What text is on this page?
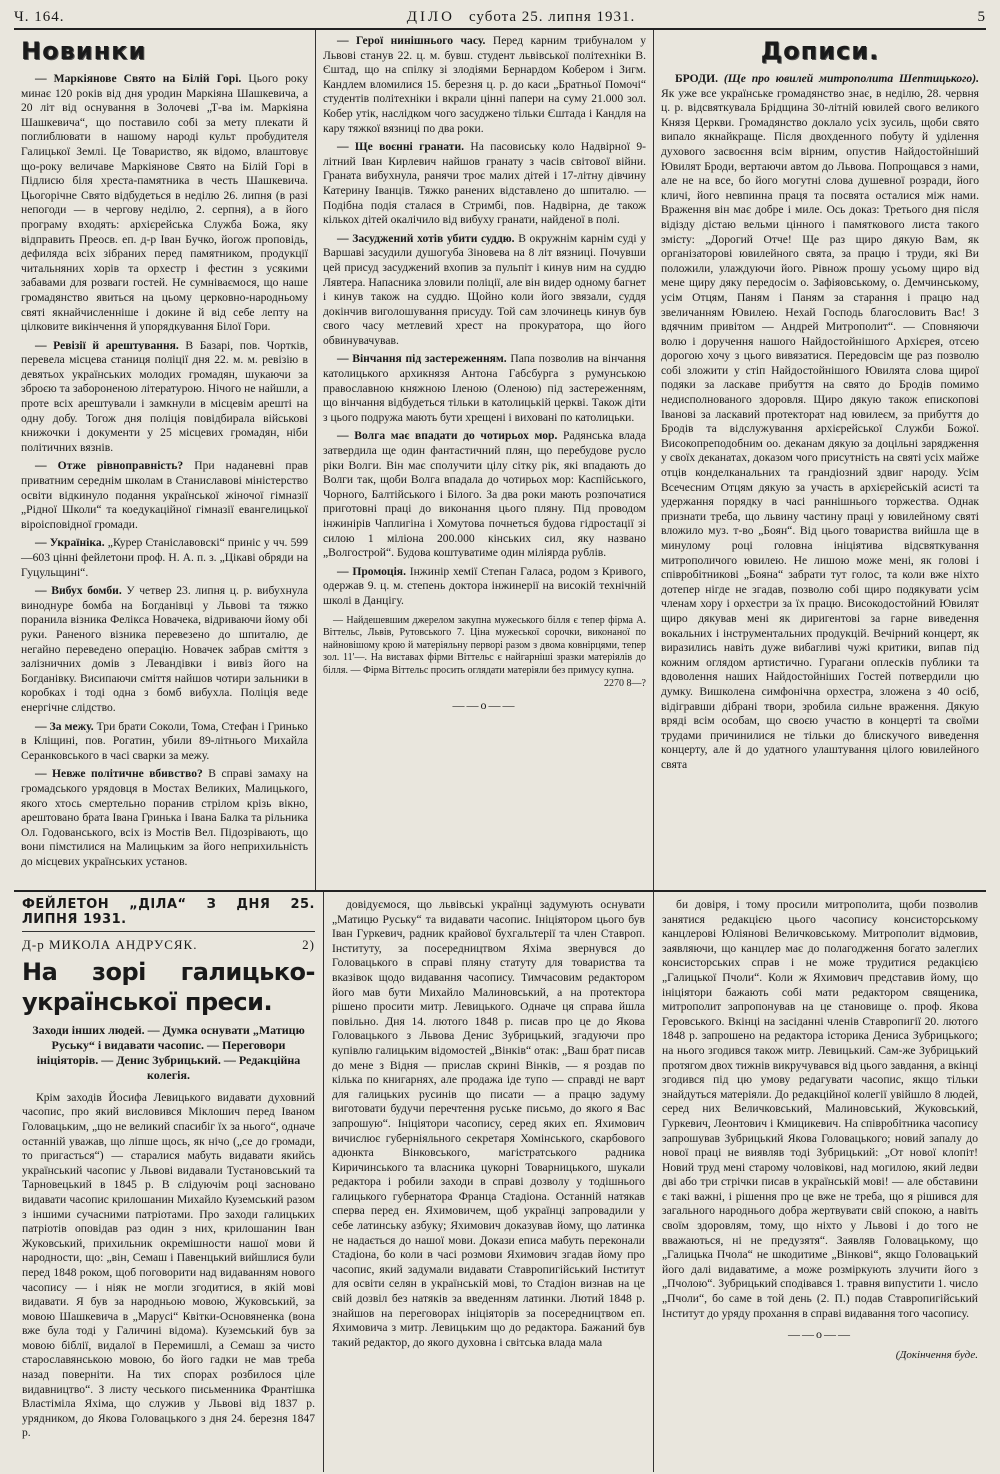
Ч. 164.	ДІЛО субота 25. липня 1931.	5
Новинки
— Маркіянове Свято на Білій Горі. Цього року минає 120 років від дня уродин Маркіяна Шашкевича, а 20 літ від оснування в Золочеві „Т-ва ім. Маркіяна Шашкевича“, що поставило собі за мету плекати й поглиблювати в нашому народі культ пробудителя Галицької Землі. Це Товариство, як відомо, влаштовує що-року величаве Маркіянове Свято на Білій Горі в Підлисю біля хреста-памятника в честь Шашкевича. Цьогорічне Свято відбудеться в неділю 26. липня (в разі непогоди — в чергову неділю, 2. серпня), а в його програму входять: архієрейська Служба Божа, яку відправить Преосв. еп. д-р Іван Бучко, йогож проповідь, дефиляда всіх зібраних перед памятником, продукції читальняних хорів та орхестр і фестин з усякими забавами для розваги гостей. Не сумніваємося, що наше громадянство явиться на цьому церковно-народньому святі якнайчисленніше і докине й від себе лепту на цілковите викінчення й упорядкування Білої Гори.
— Ревізії й арештування. В Базарі, пов. Чортків, перевела місцева станиця поліції дня 22. м. м. ревізію в девятьох українських молодих громадян, шукаючи за зброєю та забороненою літературою. Нічого не найшли, а проте всіх арештували і замкнули в місцевім арешті на одну добу. Тогож дня поліція повідбирала військові книжочки і документи у 25 місцевих громадян, ніби політичних вязнів.
— Отже рівноправність? При наданевні прав приватним середнім школам в Станиславові міністерство освіти відкинуло подання української жіночої гімназії „Рідної Школи“ та коедукаційної гімназії евангелицької віроісповідної громади.
— Україніка. „Курер Станіславовскі“ приніс у чч. 599—603 цінні фейлетони проф. Н. А. п. з. „Цікаві обряди на Гуцульщині“.
— Вибух бомби. У четвер 23. липня ц. р. вибухнула виноднуре бомба на Богданівці у Львові та тяжко поранила візника Фелікса Новачека, відриваючи йому обі руки. Раненого візника перевезено до шпиталю, де негайно переведено операцію. Новачек забрав сміття з залізничних домів з Левандівки і вивіз його на Богданівку. Висипаючи сміття найшов чотири зальники в коробках і тоді одна з бомб вибухла. Поліція веде енергічне слідство.
— За межу. Три брати Соколи, Тома, Стефан і Гринько в Кліщині, пов. Рогатин, убили 89-літнього Михайла Серанковського в часі сварки за межу.
— Невже політичне вбивство? В справі замаху на громадського урядовця в Мостах Великих, Малицького, якого хтось смертельно поранив стрілом крізь вікно, арештовано брата Івана Гринька і Івана Балка та рільника Ол. Годованського, всіх із Мостів Вел. Підозрівають, що вони пімстилися на Малицьким за його неприхильність до місцевих українських установ.
— Герої нинішнього часу. Перед карним трибуналом у Львові станув 22. ц. м. бувш. студент львівської політехніки В. Єштад, що на спілку зі злодіями Бернардом Кобером і Зигм. Кандлем вломилися 15. березня ц. р. до каси „Братньої Помочі“ студентів політехніки і вкрали цінні папери на суму 21.000 зол. Кобер утік, наслідком чого засуджено тільки Єштада і Кандля на кару тяжкої вязниці по два роки.
— Ще воєнні гранати. На пасовиську коло Надвірної 9-літний Іван Кирлевич найшов гранату з часів світової війни. Граната вибухнула, ранячи троє малих дітей і 17-літну дівчину Катерину Іванців. Тяжко ранених відставлено до шпиталю. — Подібна подія сталася в Стримбі, пов. Надвірна, де також кількох дітей окалічило від вибуху гранати, найденої в полі.
— Засуджений хотів убити суддю. В окружнім карнім суді у Варшаві засудили душогуба Зіновева на 8 літ вязниці. Почувши цей присуд засуджений вхопив за пульпіт і кинув ним на суддю Лявтера. Напасника зловили поліції, але він видер одному багнет і кинув також на суддю. Щойно коли його звязали, суддя докінчив виголошування присуду. Той сам злочинець кинув був свого часу метлевий хрест на прокуратора, що його обвинувачував.
— Вінчання під застереженням. Папа позволив на вінчання католицького архикнязя Антона Габсбурга з румунською православною княжною Іленою (Оленою) під застереженням, що вінчання відбудеться тільки в католицькій церкві. Також діти з цього подружа мають бути хрещені і виховані по католицьки.
— Волга має впадати до чотирьох мор. Радянська влада затвердила ще один фантастичний плян, що перебудове русло ріки Волги. Він має сполучити цілу сітку рік, які впадають до Волги так, щоби Волга впадала до чотирьох мор: Каспійського, Чорного, Балтійського і Білого. За два роки мають розпочатися приготовні праці до виконання цього пляну. Під проводом інжинірів Чаплигіна і Хомутова почнеться будова гідростації зі силою 1 мілiона 200.000 кінських сил, яку названо „Волгострой“. Будова коштуватиме один міліярда рублів.
— Промоція. Інжинір хемії Степан Галаса, родом з Кривого, одержав 9. ц. м. степень доктора інжинерії на високій технічній школі в Данцігу.
— Найдешевшим джерелом закупна мужеського білля є тепер фірма А. Віттельс, Львів, Рутовського 7. Ціна мужеської сорочки, виконаної по найновішому крою й матеріяльну перворі разом з двома ковнірцями, тепер зол. 11'—. На виставах фірми Віттельс є найгарніші зразки матеріялів до білля. — Фірма Віттельс просить оглядати матеріяли без примусу купна.
2270 8—?
——о——
Дописи.
БРОДИ. (Ще про ювилей митрополита Шептицького). Як уже все українське громадянство знає, в неділю, 28. червня ц. р. відсвяткувала Брідщина 30-літній ювилей свого великого Князя Церкви. Громадянство доклало усіх зусиль, щоби свято випало якнайкраще. Після двохденного побуту й уділення духового засвоєння всім вірним, опустив Найдостойніший Ювилят Броди, вертаючи автом до Львова. Попрощався з нами, але не на все, бо його могутні слова душевної розради, його кличі, його невпинна праця та посвята осталися між нами. Враження він має добре і миле. Ось доказ: Третього дня після відізду дістаю вельми цінного і памяткового листа такого змісту: „Дорогий Отче! Ще раз щиро дякую Вам, як організаторові ювилейного свята, за працю і труди, які Ви положили, улаждуючи його. Рівнож прошу усьому щиро від мене щиру дяку передосім о. Зафіяовському, о. Демчинському, усім Отцям, Паням і Паням за старання і працю над звеличанням Ювилею. Нехай Господь благословить Вас! З вдячним привітом — Андрей Митрополит“. — Сповняючи волю і доручення нашого Найдостойнішого Архієрея, отсею дорогою хочу з цього вивязатися. Передовсім ще раз позволю собі зложити у стіп Найдостойнішого Ювилята слова щирої подяки за ласкаве прибуття на свято до Бродів помимо недисполнованого здоровля. Щиро дякую також епископові Іванові за ласкавий протекторат над ювилеєм, за прибуття до Бродів та відслужування архієрейської Служби Божої. Високопреподобним оо. деканам дякую за доцільні зарядження у своїх деканатах, доказом чого присутність на святі усіх майже отців конделканальних та грандіозний здвиг народу. Усім Всечесним Отцям дякую за участь в архієрейській асисті та удержання порядку в часі раннішнього торжества. Однак признати треба, що львину частину праці у ювилейному святі вложило муз. т-во „Боян“. Від цього товариства вийшла ще в минулому році головна ініціятива відсвяткування митрополичого ювилею. Не лишою може мені, як голові і співробітникові „Бояна“ забрати тут голос, та коли вже ніхто дотепер нігде не згадав, позволю собі щиро подякувати усім членам хору і орхестри за їх працю. Високодостойний Ювилят щиро дякував мені як диригентові за гарне виведення вокальних і інструментальних продукцій. Вечірний концерт, як виразились навіть дуже вибагливі чужі критики, випав під кожним оглядом артистично. Гурагани оплесків публики та вдоволення наших Найдостойніших Гостей потвердили цю думку. Вишколена симфонічна орхестра, зложена з 40 осіб, відігравши дібрані твори, зробила сильне враження. Дякую вряді всім особам, що своєю участю в концерті та своїми трудами причинилися не тільки до блискучого виведення концерту, але й до удатного улаштування цілого ювилейного свята
ФЕЙЛЕТОН „ДІЛА“ З ДНЯ 25. ЛИПНЯ 1931.
Д-р МИКОЛА АНДРУСЯК.	2)
На зорі галицько-української преси.
Заходи інших людей. — Думка оснувати „Матицю Руську“ і видавати часопис. — Переговори ініціяторів. — Денис Зубрицький. — Редакційна колегія.
Крім заходів Йосифа Левицького видавати духовний часопис, про який висловився Міклошич перед Іваном Головацьким, „що не великий спасибіг їх за нього“, одначе останній уважав, що ліпше щось, як нічо („се до громади, то пригасться“) — старалися мабуть видавати якийсь український часопис у Львові видавали Тустановський та Тарновецький в 1845 р. В слідуючім році засновано видавати часопис крилошанин Михайло Куземський разом з іншими сучасними патріотами. Про заходи галицьких патріотів оповідав раз один з них, крилошанин Іван Жуковський, прихильник окремішности нашої мови й народности, що: „він, Семаш і Павенцький вийшлися були перед 1848 роком, щоб поговорити над видаванням нового часопису — і ніяк не могли згодитися, в якій мові видавати. Я був за народньою мовою, Жуковський, за мовою Шашкевича в „Марусі“ Квітки-Основяненка (вона вже була тоді у Галичині відома). Куземський був за мовою біблії, видалої в Перемишлі, а Семаш за чисто старославянською мовою, бо його гадки не мав треба назад поверніти. На тих спорах розбилося ціле видавництво“. З листу чеського письменника Франтішка Властіміла Яхіма, що служив у Львові від 1837 р. урядником, до Якова Головацького з дня 24. березня 1847 р.
довідуємося, що львівські українці задумують оснувати „Матицю Руську“ та видавати часопис. Ініціятором цього був Іван Гуркевич, радник крайової бухгальтерії та член Ставроп. Інституту, за посередництвом Яхіма звернувся до Головацького в справі пляну статуту для товариства та вказівок щодо видавання часопису. Тимчасовим редактором його мав бути Михайло Малиновський, а на протектора рішено просити митр. Левицького. Одначе ця справа йшла повільно. Дня 14. лютого 1848 р. писав про це до Якова Головацького з Львова Денис Зубрицький, згадуючи про купівлю галицьким відомостей „Вінків“ отак: „Ваш брат писав до мене з Відня — прислав скрині Вінків, — я роздав по кілька по книгарнях, але продажа іде тупо — справді не варт для галицьких русинів що писати — а працю задуму виготовати будучи перечтення руське письмо, до якого я Вас запрошую“. Ініціятори часопису, серед яких еп. Яхимович вичислює губерніяльного секретаря Хомінського, скарбового адюнкта Вінковського, магістратського радника Киричинського та власника цукорні Товарницького, шукали редактора і робили заходи в справі дозволу у тодішнього галицького губернатора Франца Стадіона. Останній натякав сперва перед ен. Яхимовичем, щоб українці запровадили у себе латинську азбуку; Яхимович доказував йому, що латинка не надається до нашої мови. Докази еписа мабуть переконали Стадіона, бо коли в часі розмови Яхимович згадав йому про часопис, який задумали видавати Ставропигійський Інститут для освіти селян в українській мові, то Стадіон визнав на це свій дозвіл без натяків за введенням латинки. Лютий 1848 р. знайшов на переговорах ініціяторів за посередництвом еп. Яхимовича з митр. Левицьким що до редактора. Бажаний був такий редактор, до якого духовна і світська влада мала
би довіря, і тому просили митрополита, щоби позволив занятися редакцією цього часопису консисторському канцлерові Юліянові Величковському. Митрополит відмовив, заявляючи, що канцлер має до полагодження богато залеглих консисторських справ і не може трудитися редакцією „Галицької Пчоли“. Коли ж Яхимович представив йому, що ініціятори бажають собі мати редактором священика, митрополит запропонував на це становище о. проф. Якова Геровського. Вкінці на засіданні членів Ставропигії 20. лютого 1848 р. запрошено на редактора історика Дениса Зубрицького; на нього згодився також митр. Левицький. Сам-же Зубрицький протягом двох тижнів викручувався від цього завдання, а вкінці згодився під цю умову редагувати часопис, якщо тільки знайдуться матеріяли. До редакційної колегії увійшло 8 людей, серед них Величковський, Малиновський, Жуковський, Гуркевич, Леонтович і Кмицикевич. На співробітника часопису запрошував Зубрицький Якова Головацького; новий запалу до нової праці не виявляв тоді Зубрицький: „От нової клопіт! Новий труд мені старому чоловікові, над могилою, який ледви дві або три стрічки писав в українській мові! — але обставини є такі важні, і рішення про це вже не треба, що я рішився для загального народнього добра жертвувати свій спокою, а навіть своїм здоровлям, тому, що ніхто у Львові і до того не вважаються, ні не предузятя“. Заявляв Головацькому, що „Галицька Пчола“ не шкодитиме „Вінкові“, якщо Головацький його далі видаватиме, а може розміркують злучити його з „Пчолою“. Зубрицький сподівався 1. травня випустити 1. число „Пчоли“, бо саме в той день (2. П.) подав Ставропигійський Інститут до уряду прохання в справі видавання того часопису.
——о——
(Докінчення буде.
